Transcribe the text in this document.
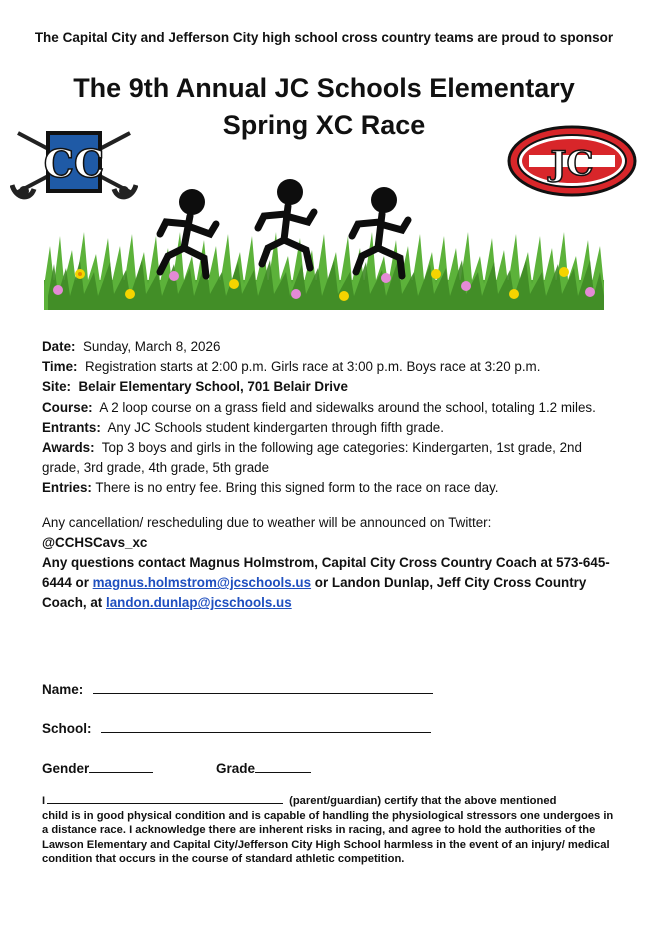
The Capital City and Jefferson City high school cross country teams are proud to sponsor
The 9th Annual JC Schools Elementary
Spring XC Race
CC	JC

Date: Sunday, March 8, 2026

Time: Registration starts at 2:00 p.m. Girls race at 3:00 p.m. Boys race at 3:20 p.m.

Site: Belair Elementary School, 701 Belair Drive

Course: A 2 loop course on a grass field and sidewalks around the school, totaling 1.2 miles.

Entrants: Any JC Schools student kindergarten through fifth grade.

Awards: Top 3 boys and girls in the following age categories: Kindergarten, 1st grade, 2nd grade, 3rd grade, 4th grade, 5th grade

Entries: There is no entry fee. Bring this signed form to the race on race day.

Any cancellation/ rescheduling due to weather will be announced on Twitter:

@CCHSCavs_xc

Any questions contact Magnus Holmstrom, Capital City Cross Country Coach at 573-645-6444 or magnus.holmstrom@jcschools.us or Landon Dunlap, Jeff City Cross Country Coach, at landon.dunlap@jcschools.us

Name:
School:
Gender	Grade

I	(parent/guardian) certify that the above mentioned

child is in good physical condition and is capable of handling the physiological stressors one undergoes in a distance race. I acknowledge there are inherent risks in racing, and agree to hold the authorities of the Lawson Elementary and Capital City/Jefferson City High School harmless in the event of an injury/ medical condition that occurs in the course of standard athletic competition.
